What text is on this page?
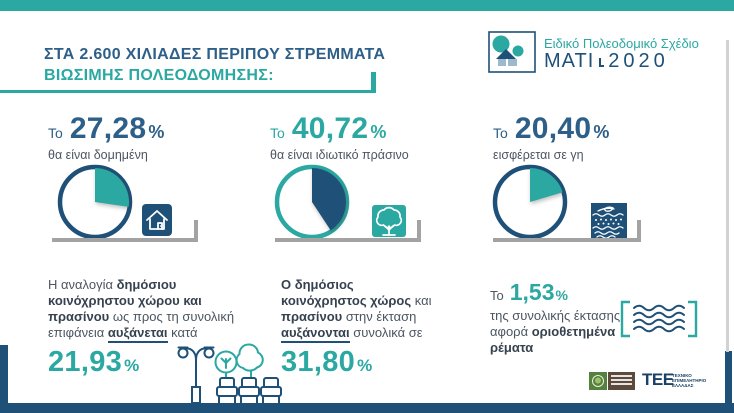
ΣΤΑ 2.600 ΧΙΛΙΑΔΕΣ ΠΕΡΙΠΟΥ ΣΤΡΕΜΜΑΤΑ
ΒΙΩΣΙΜΗΣ ΠΟΛΕΟΔΟΜΗΣΗΣ:
Ειδικό Πολεοδομικό Σχέδιο
ΜΑΤΙ 2020
Το 27,28 %
θα είναι δομημένη
Το 40,72 %
θα είναι ιδιωτικό πράσινο
Το 20,40 %
εισφέρεται σε γη
Η αναλογία δημόσιου
κοινόχρηστου χώρου και
πρασίνου ως προς τη συνολική
επιφάνεια αυξάνεται κατά
21,93 %
Ο δημόσιος
κοινόχρηστος χώρος και
πρασίνου στην έκταση
αυξάνονται συνολικά σε
31,80 %
Το 1,53%
της συνολικής έκτασης
αφορά οριοθετημένα
ρέματα
ΤΕΕ
ΤΕΧΝΙΚΟ
ΕΠΙΜΕΛΗΤΗΡΙΟ
ΕΛΛΑΔΑΣ
